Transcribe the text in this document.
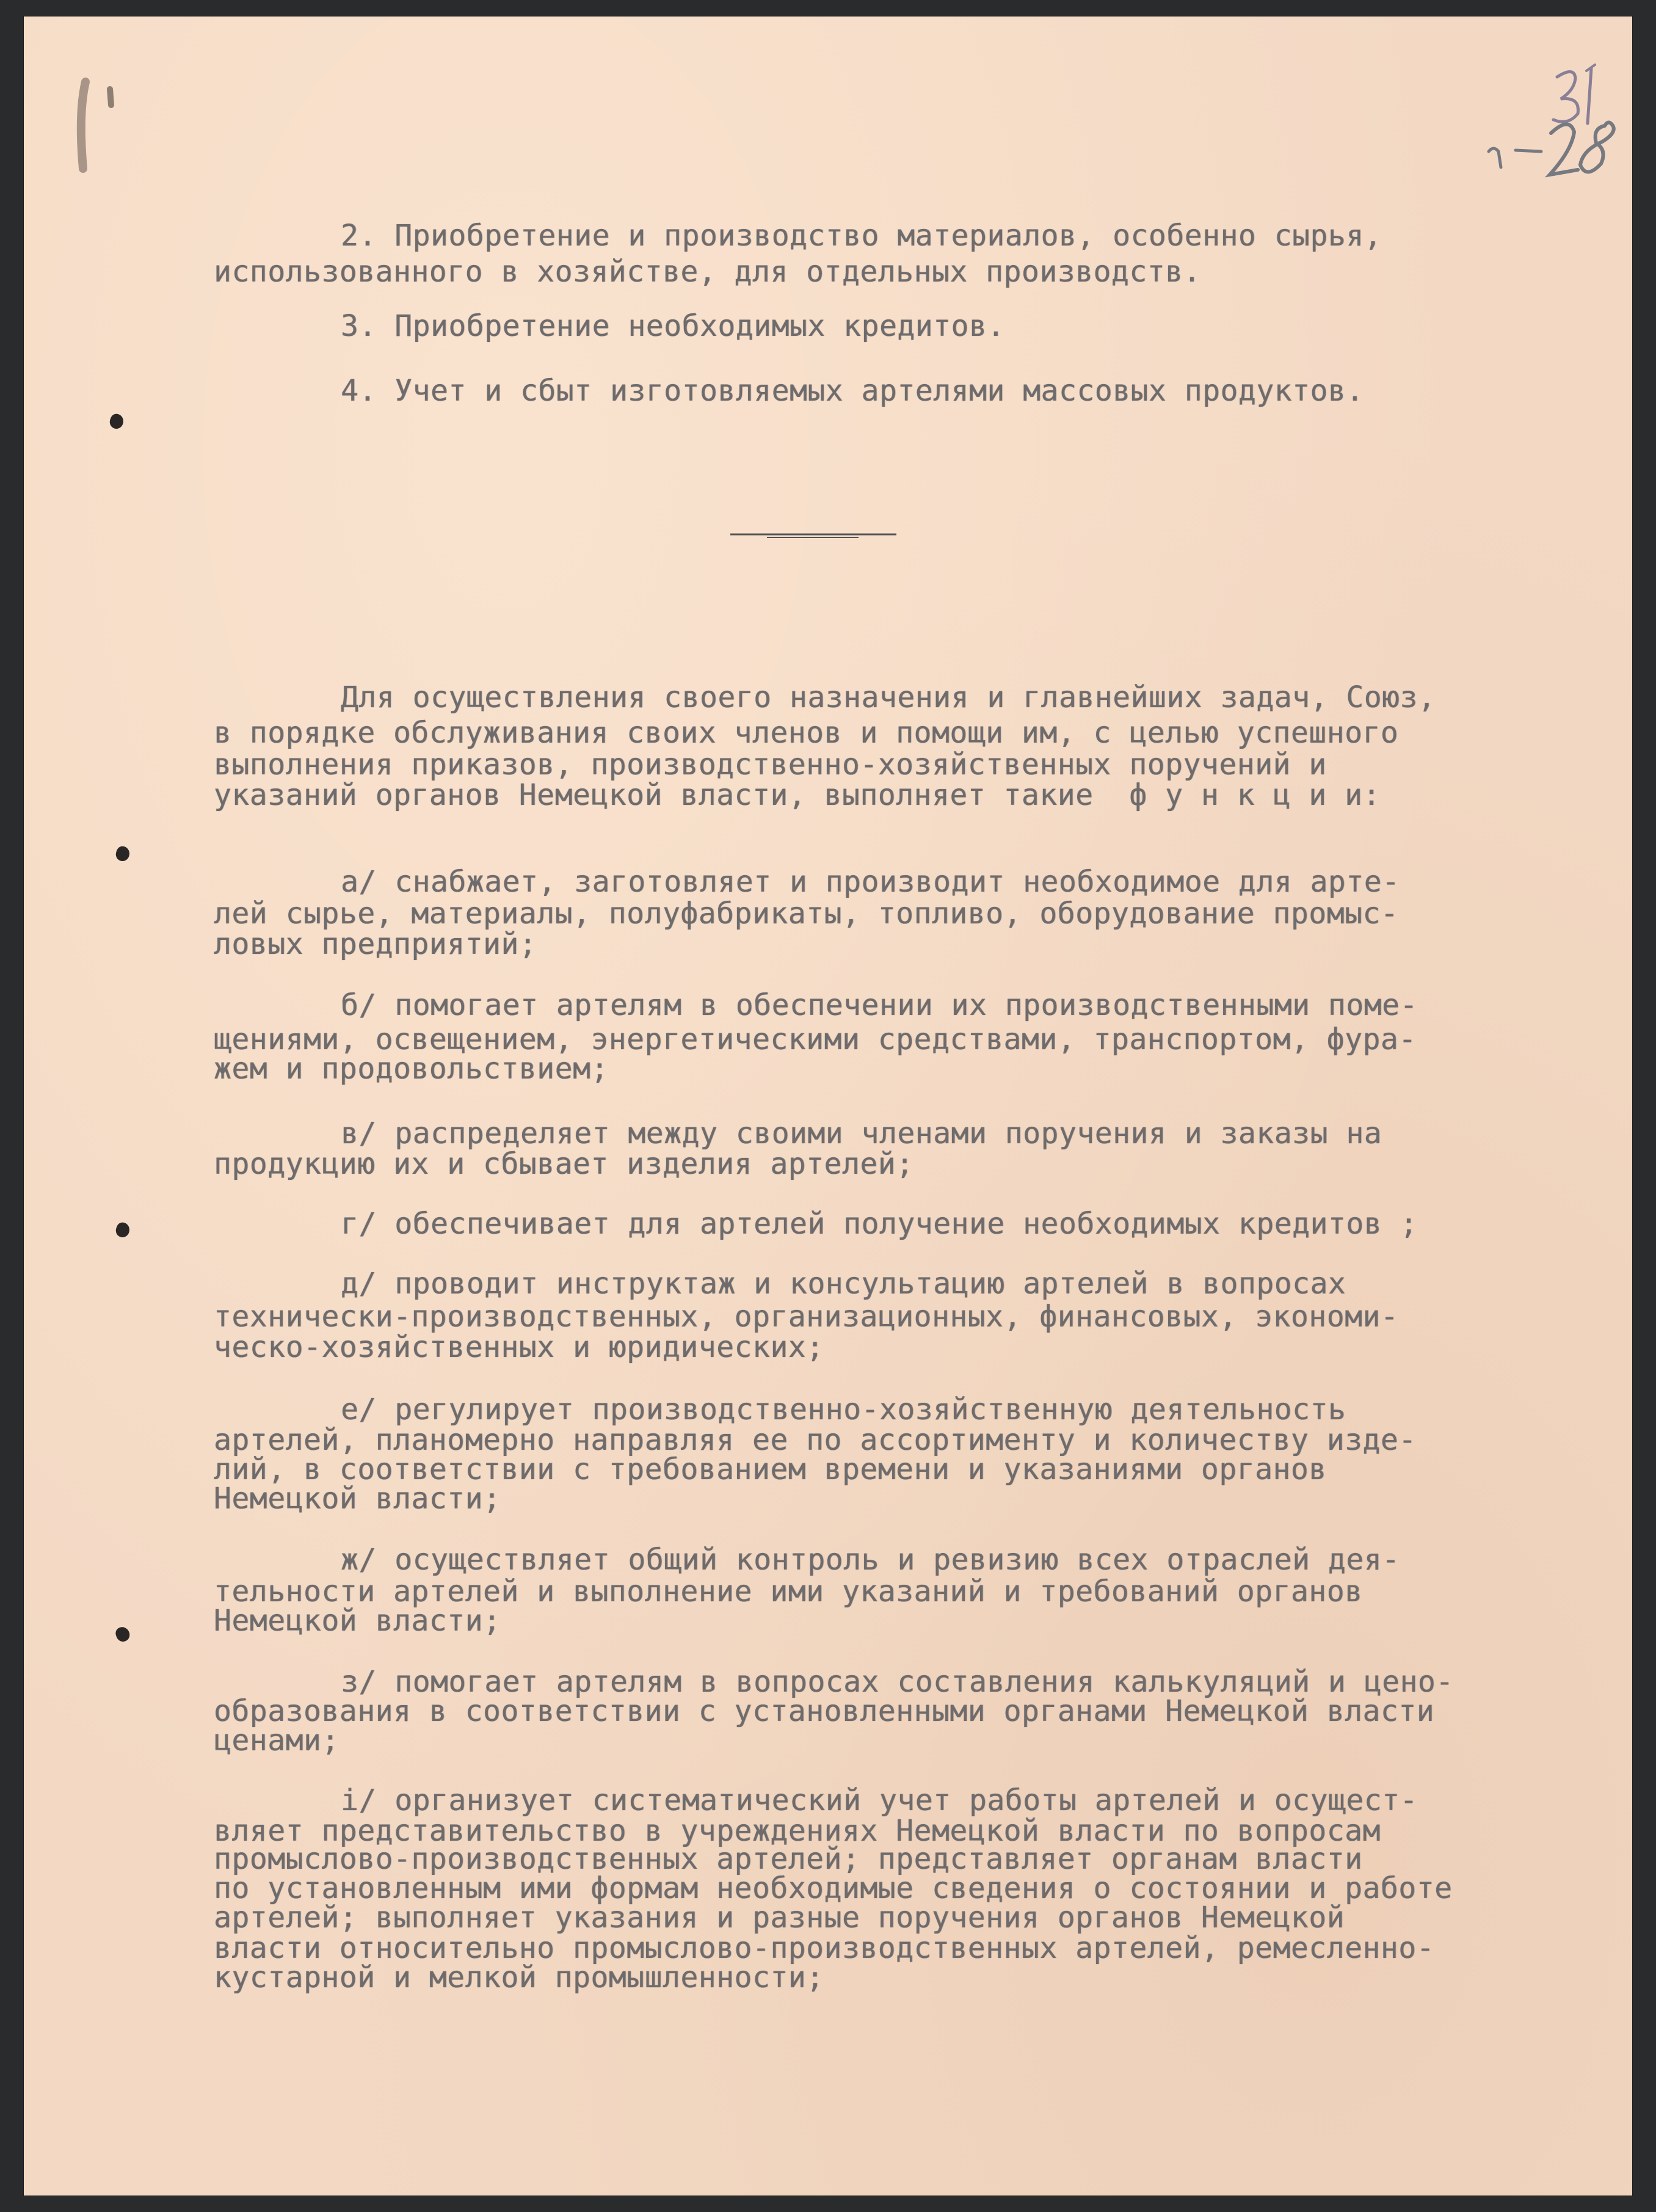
2. Приобретение и производство материалов, особенно сырья,

использованного в хозяйстве, для отдельных производств.

3. Приобретение необходимых кредитов.

4. Учет и сбыт изготовляемых артелями массовых продуктов.

Для осуществления своего назначения и главнейших задач, Союз,

в порядке обслуживания своих членов и помощи им, с целью успешного

выполнения приказов, производственно-хозяйственных поручений и

указаний органов Немецкой власти, выполняет такие  ф у н к ц и и:

а/ снабжает, заготовляет и производит необходимое для арте-

лей сырье, материалы, полуфабрикаты, топливо, оборудование промыс-

ловых предприятий;

б/ помогает артелям в обеспечении их производственными поме-

щениями, освещением, энергетическими средствами, транспортом, фура-

жем и продовольствием;

в/ распределяет между своими членами поручения и заказы на

продукцию их и сбывает изделия артелей;

г/ обеспечивает для артелей получение необходимых кредитов ;

д/ проводит инструктаж и консультацию артелей в вопросах

технически-производственных, организационных, финансовых, экономи-

ческо-хозяйственных и юридических;

е/ регулирует производственно-хозяйственную деятельность

артелей, планомерно направляя ее по ассортименту и количеству изде-

лий, в соответствии с требованием времени и указаниями органов

Немецкой власти;

ж/ осуществляет общий контроль и ревизию всех отраслей дея-

тельности артелей и выполнение ими указаний и требований органов

Немецкой власти;

з/ помогает артелям в вопросах составления калькуляций и цено-

образования в соответствии с установленными органами Немецкой власти

ценами;

і/ организует систематический учет работы артелей и осущест-

вляет представительство в учреждениях Немецкой власти по вопросам

промыслово-производственных артелей; представляет органам власти

по установленным ими формам необходимые сведения о состоянии и работе

артелей; выполняет указания и разные поручения органов Немецкой

власти относительно промыслово-производственных артелей, ремесленно-

кустарной и мелкой промышленности;
